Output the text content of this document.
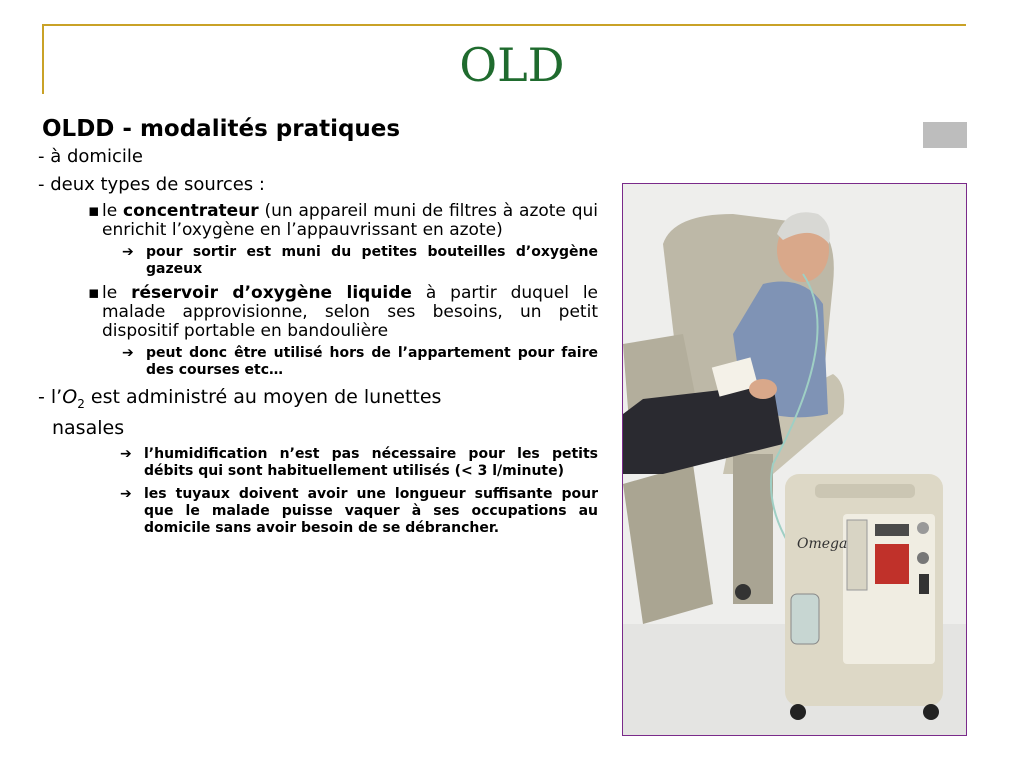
OLD
OLDD - modalités pratiques
- à domicile
- deux types de sources :
▪ le concentrateur (un appareil muni de filtres à azote qui enrichit l’oxygène en l’appauvrissant en azote)
➔ pour sortir est muni du petites bouteilles d’oxygène gazeux
▪ le réservoir d’oxygène liquide à partir duquel le malade approvisionne, selon ses besoins, un petit dispositif portable en bandoulière
➔ peut donc être utilisé hors de l’appartement pour faire des courses etc…
- $l’O_2$ est administré au moyen de lunettes
nasales
➔ l’humidification n’est pas nécessaire pour les petits débits qui sont habituellement utilisés (< 3 l/minute)
➔ les tuyaux doivent avoir une longueur suffisante pour que le malade puisse vaquer à ses occupations au domicile sans avoir besoin de se débrancher.
Omega
